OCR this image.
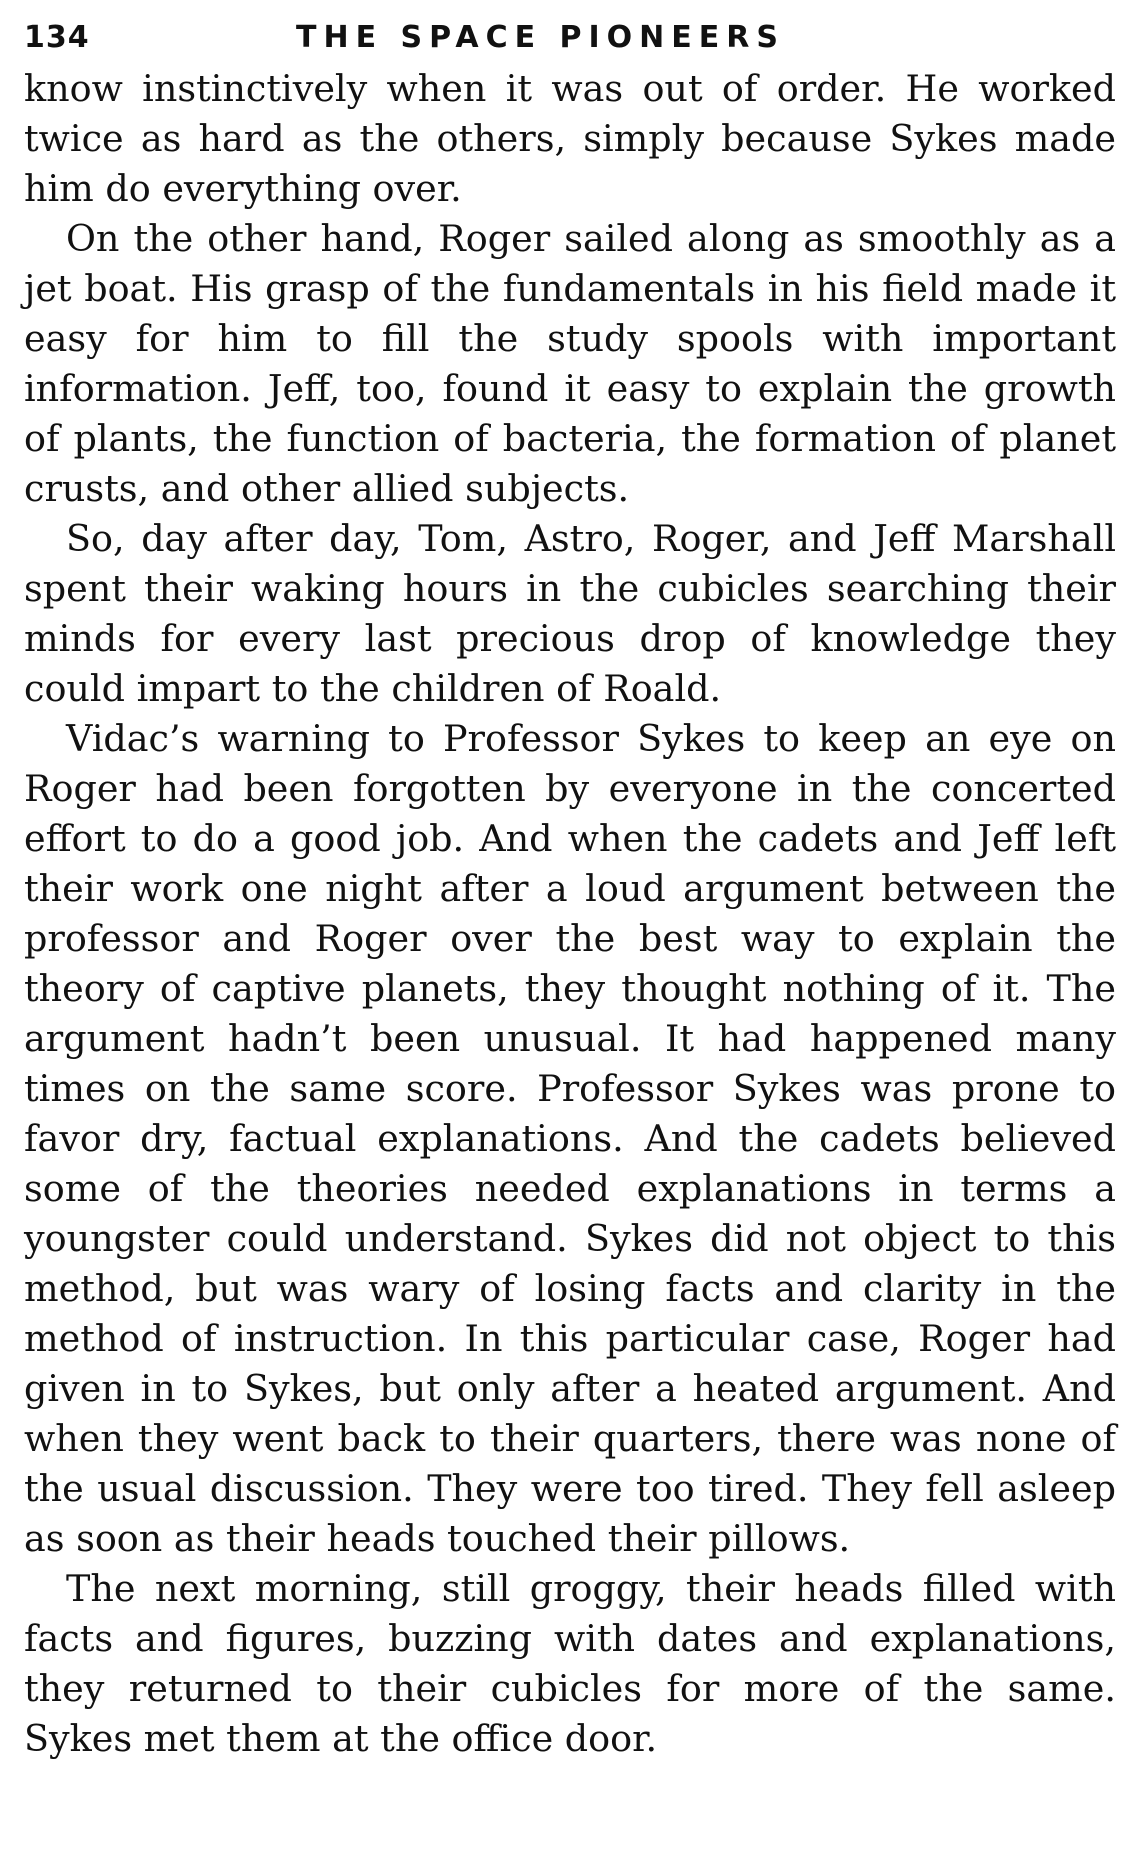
134	THE SPACE PIONEERS

know instinctively when it was out of order. He worked twice as hard as the others, simply because Sykes made him do everything over.

On the other hand, Roger sailed along as smoothly as a jet boat. His grasp of the fundamentals in his field made it easy for him to fill the study spools with important information. Jeff, too, found it easy to explain the growth of plants, the function of bacteria, the formation of planet crusts, and other allied subjects.

So, day after day, Tom, Astro, Roger, and Jeff Marshall spent their waking hours in the cubicles searching their minds for every last precious drop of knowledge they could impart to the children of Roald.

Vidac’s warning to Professor Sykes to keep an eye on Roger had been forgotten by everyone in the concerted effort to do a good job. And when the cadets and Jeff left their work one night after a loud argument between the professor and Roger over the best way to explain the theory of captive planets, they thought nothing of it. The argument hadn’t been unusual. It had happened many times on the same score. Professor Sykes was prone to favor dry, factual explanations. And the cadets believed some of the theories needed explanations in terms a youngster could understand. Sykes did not object to this method, but was wary of losing facts and clarity in the method of instruction. In this particular case, Roger had given in to Sykes, but only after a heated argument. And when they went back to their quarters, there was none of the usual discussion. They were too tired. They fell asleep as soon as their heads touched their pillows.

The next morning, still groggy, their heads filled with facts and figures, buzzing with dates and explanations, they returned to their cubicles for more of the same. Sykes met them at the office door.
